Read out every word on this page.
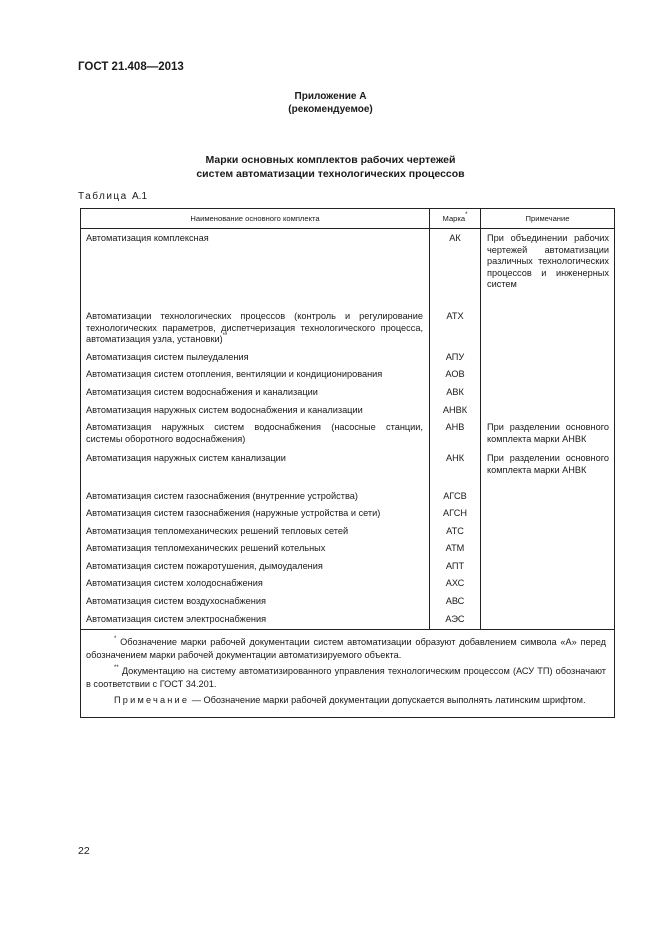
ГОСТ 21.408—2013
Приложение А
(рекомендуемое)
Марки основных комплектов рабочих чертежей
систем автоматизации технологических процессов
Таблица А.1
Наименование основного комплекта	Марка*	Примечание
Автоматизация комплексная	АК	При объединении рабочих чертежей автоматизации различных технологических процессов и инженерных систем
Автоматизации технологических процессов (контроль и регулирование технологических параметров, диспетчеризация технологического процесса, автоматизация узла, установки)**	АТХ	
Автоматизация систем пылеудаления	АПУ	
Автоматизация систем отопления, вентиляции и кондиционирования	АОВ	
Автоматизация систем водоснабжения и канализации	АВК	
Автоматизация наружных систем водоснабжения и канализации	АНВК	
Автоматизация наружных систем водоснабжения (насосные станции, системы оборотного водоснабжения)	АНВ	При разделении основного комплекта марки АНВК
Автоматизация наружных систем канализации	АНК	При разделении основного комплекта марки АНВК
Автоматизация систем газоснабжения (внутренние устройства)	АГСВ	
Автоматизация систем газоснабжения (наружные устройства и сети)	АГСН	
Автоматизация тепломеханических решений тепловых сетей	АТС	
Автоматизация тепломеханических решений котельных	АТМ	
Автоматизация систем пожаротушения, дымоудаления	АПТ	
Автоматизация систем холодоснабжения	АХС	
Автоматизация систем воздухоснабжения	АВС	
Автоматизация систем электроснабжения	АЭС	

* Обозначение марки рабочей документации систем автоматизации образуют добавлением символа «А» перед обозначением марки рабочей документации автоматизируемого объекта.

** Документацию на систему автоматизированного управления технологическим процессом (АСУ ТП) обозначают в соответствии с ГОСТ 34.201.

Примечание — Обозначение марки рабочей документации допускается выполнять латинским шрифтом.

22
